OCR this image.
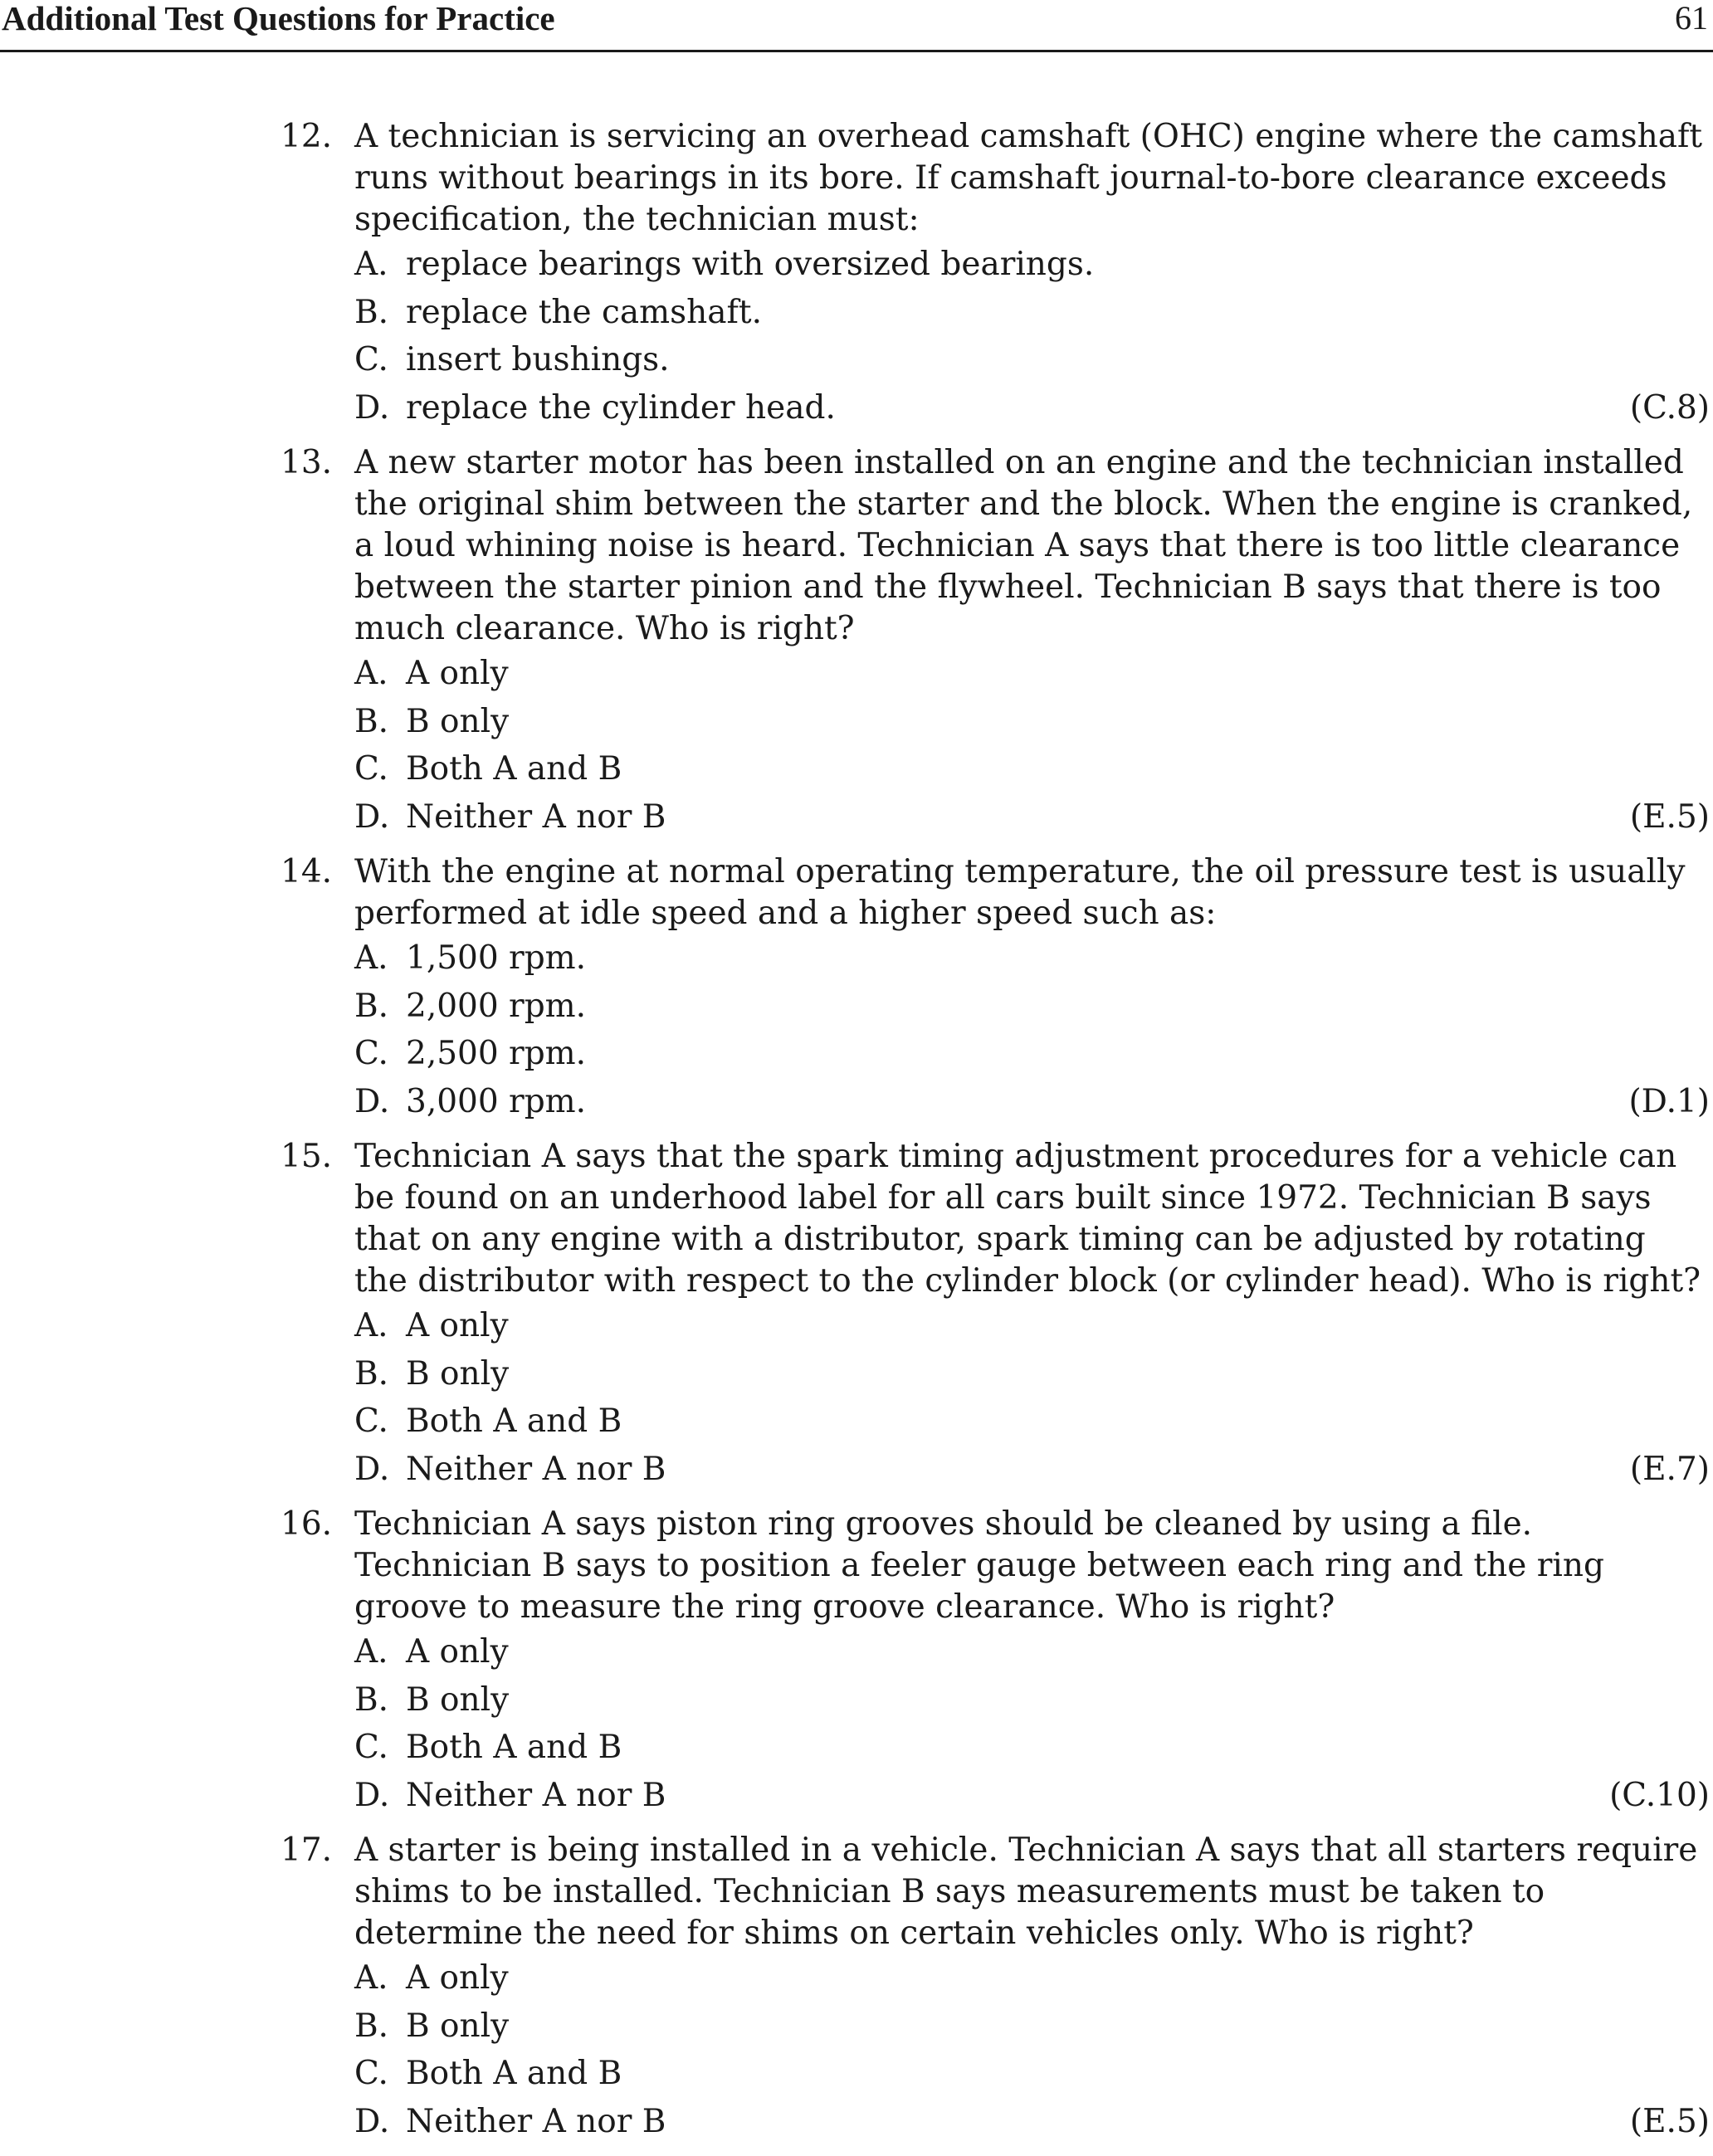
Additional Test Questions for Practice	61
12. A technician is servicing an overhead camshaft (OHC) engine where the camshaft runs without bearings in its bore. If camshaft journal-to-bore clearance exceeds specification, the technician must:
A. replace bearings with oversized bearings.
B. replace the camshaft.
C. insert bushings.
D. replace the cylinder head.	(C.8)
13. A new starter motor has been installed on an engine and the technician installed the original shim between the starter and the block. When the engine is cranked, a loud whining noise is heard. Technician A says that there is too little clearance between the starter pinion and the flywheel. Technician B says that there is too much clearance. Who is right?
A. A only
B. B only
C. Both A and B
D. Neither A nor B	(E.5)
14. With the engine at normal operating temperature, the oil pressure test is usually performed at idle speed and a higher speed such as:
A. 1,500 rpm.
B. 2,000 rpm.
C. 2,500 rpm.
D. 3,000 rpm.	(D.1)
15. Technician A says that the spark timing adjustment procedures for a vehicle can be found on an underhood label for all cars built since 1972. Technician B says that on any engine with a distributor, spark timing can be adjusted by rotating the distributor with respect to the cylinder block (or cylinder head). Who is right?
A. A only
B. B only
C. Both A and B
D. Neither A nor B	(E.7)
16. Technician A says piston ring grooves should be cleaned by using a file. Technician B says to position a feeler gauge between each ring and the ring groove to measure the ring groove clearance. Who is right?
A. A only
B. B only
C. Both A and B
D. Neither A nor B	(C.10)
17. A starter is being installed in a vehicle. Technician A says that all starters require shims to be installed. Technician B says measurements must be taken to determine the need for shims on certain vehicles only. Who is right?
A. A only
B. B only
C. Both A and B
D. Neither A nor B	(E.5)
